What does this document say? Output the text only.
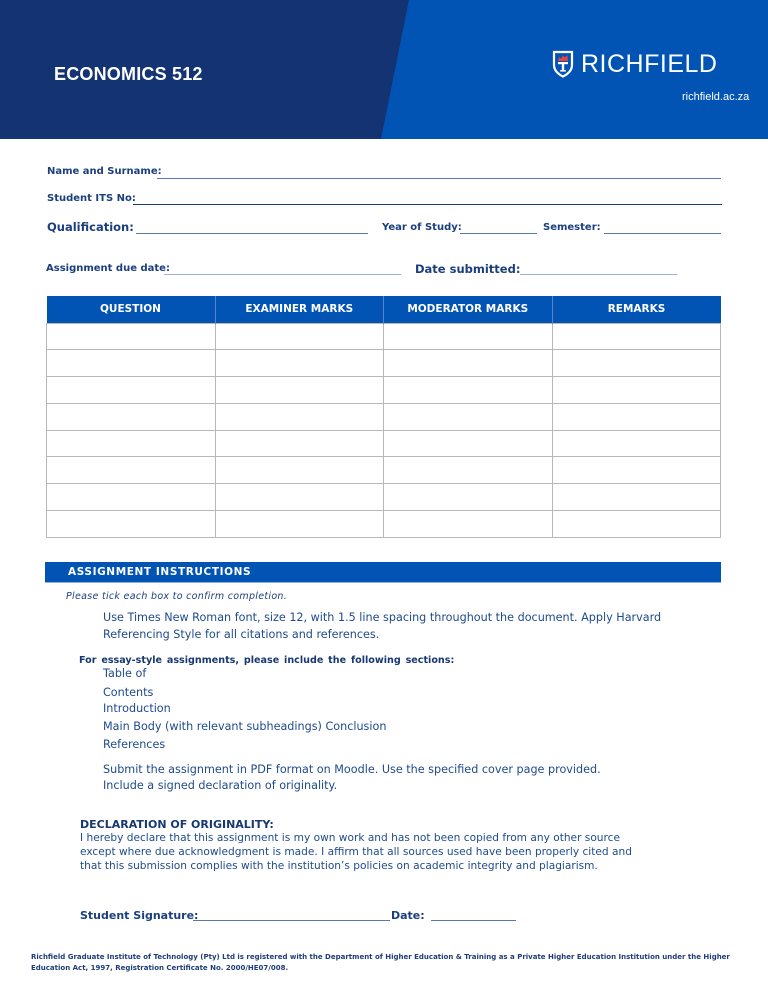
ECONOMICS 512	RICHFIELD
richfield.ac.za
Name and Surname:
Student ITS No:
Qualification:	Year of Study:	Semester:
Assignment due date:	Date submitted:
QUESTION	EXAMINER MARKS	MODERATOR MARKS	REMARKS

ASSIGNMENT INSTRUCTIONS
Please tick each box to confirm completion.
Use Times New Roman font, size 12, with 1.5 line spacing throughout the document. Apply Harvard
Referencing Style for all citations and references.
For essay-style assignments, please include the following sections:
Table of
Contents
Introduction
Main Body (with relevant subheadings) Conclusion
References
Submit the assignment in PDF format on Moodle. Use the specified cover page provided.
Include a signed declaration of originality.
DECLARATION OF ORIGINALITY:
I hereby declare that this assignment is my own work and has not been copied from any other source
except where due acknowledgment is made. I affirm that all sources used have been properly cited and
that this submission complies with the institution’s policies on academic integrity and plagiarism.
Student Signature:	Date:
Richfield Graduate Institute of Technology (Pty) Ltd is registered with the Department of Higher Education & Training as a Private Higher Education Institution under the Higher
Education Act, 1997, Registration Certificate No. 2000/HE07/008.
